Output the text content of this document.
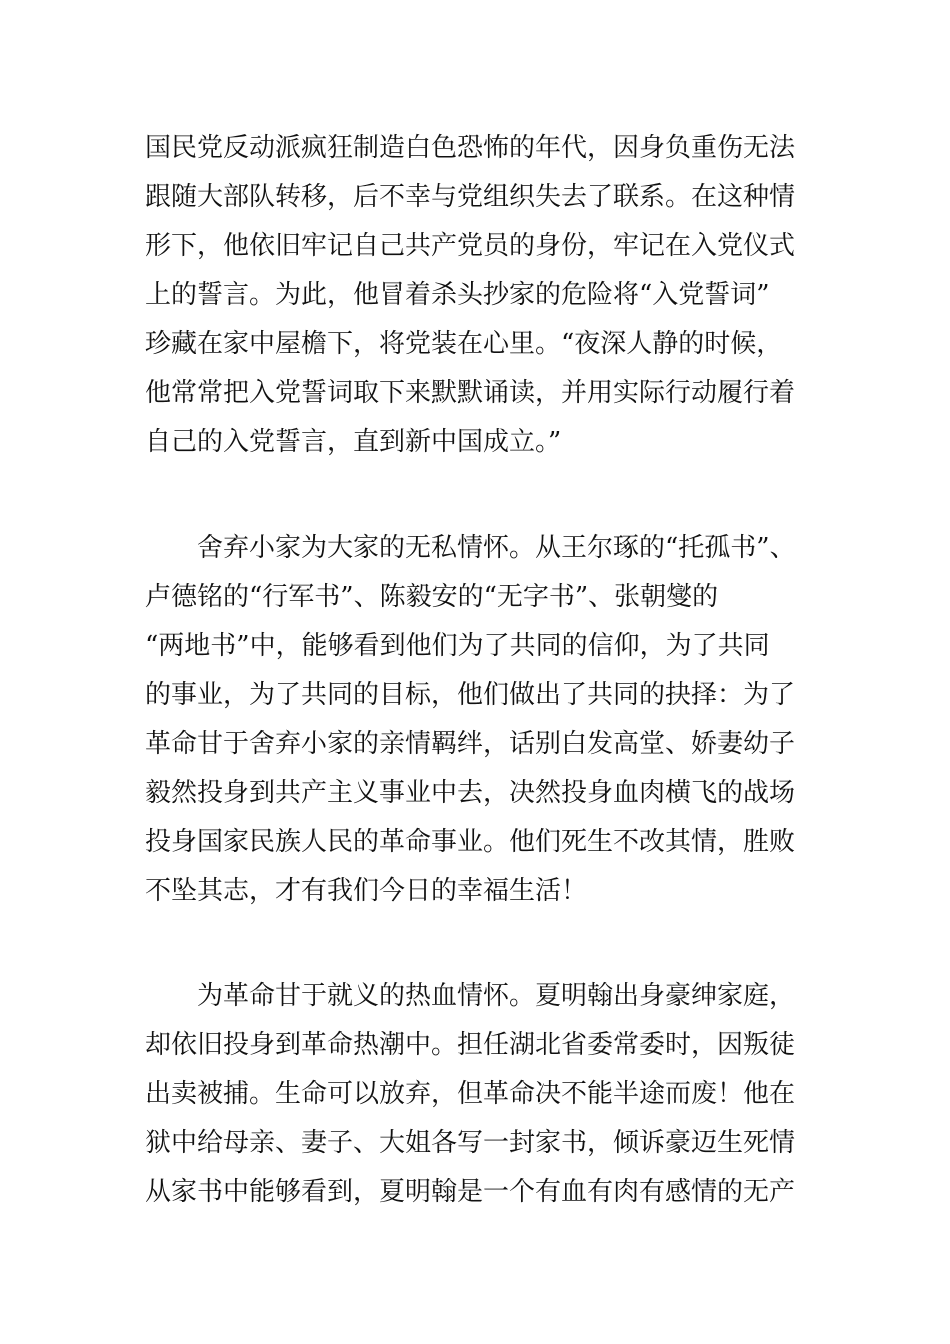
国民党反动派疯狂制造白色恐怖的年代，因身负重伤无法
跟随大部队转移，后不幸与党组织失去了联系。在这种情
形下，他依旧牢记自己共产党员的身份，牢记在入党仪式
上的誓言。为此，他冒着杀头抄家的危险将“入党誓词”
珍藏在家中屋檐下，将党装在心里。“夜深人静的时候，
他常常把入党誓词取下来默默诵读，并用实际行动履行着
自己的入党誓言，直到新中国成立。”
舍弃小家为大家的无私情怀。从王尔琢的“托孤书”、
卢德铭的“行军书”、陈毅安的“无字书”、张朝燮的
“两地书”中，能够看到他们为了共同的信仰，为了共同
的事业，为了共同的目标，他们做出了共同的抉择：为了
革命甘于舍弃小家的亲情羁绊，话别白发高堂、娇妻幼子
毅然投身到共产主义事业中去，决然投身血肉横飞的战场
投身国家民族人民的革命事业。他们死生不改其情，胜败
不坠其志，才有我们今日的幸福生活！
为革命甘于就义的热血情怀。夏明翰出身豪绅家庭，
却依旧投身到革命热潮中。担任湖北省委常委时，因叛徒
出卖被捕。生命可以放弃，但革命决不能半途而废！他在
狱中给母亲、妻子、大姐各写一封家书，倾诉豪迈生死情
从家书中能够看到，夏明翰是一个有血有肉有感情的无产
